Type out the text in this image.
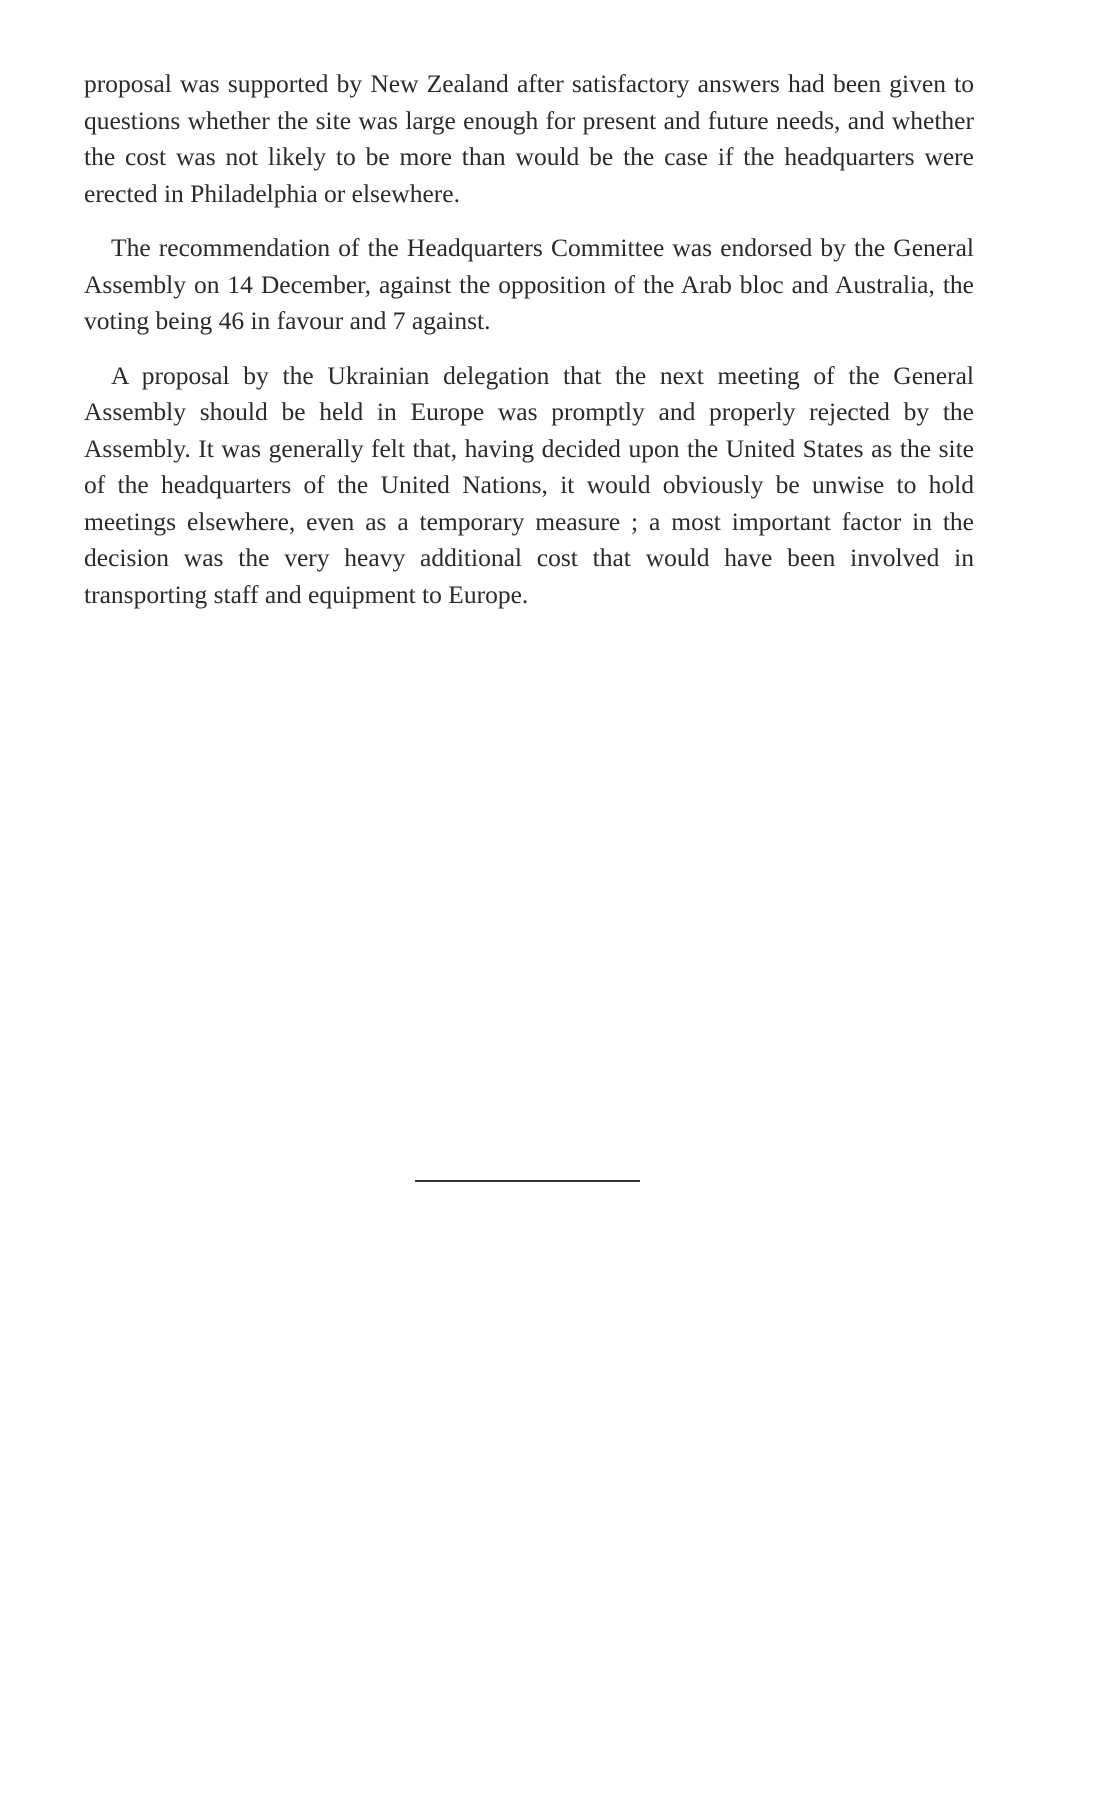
proposal was supported by New Zealand after satisfactory answers had been given to questions whether the site was large enough for present and future needs, and whether the cost was not likely to be more than would be the case if the headquarters were erected in Philadelphia or elsewhere.

The recommendation of the Headquarters Committee was endorsed by the General Assembly on 14 December, against the opposition of the Arab bloc and Australia, the voting being 46 in favour and 7 against.

A proposal by the Ukrainian delegation that the next meeting of the General Assembly should be held in Europe was promptly and properly rejected by the Assembly. It was generally felt that, having decided upon the United States as the site of the headquarters of the United Nations, it would obviously be unwise to hold meetings elsewhere, even as a temporary measure ; a most important factor in the decision was the very heavy additional cost that would have been involved in transporting staff and equipment to Europe.
